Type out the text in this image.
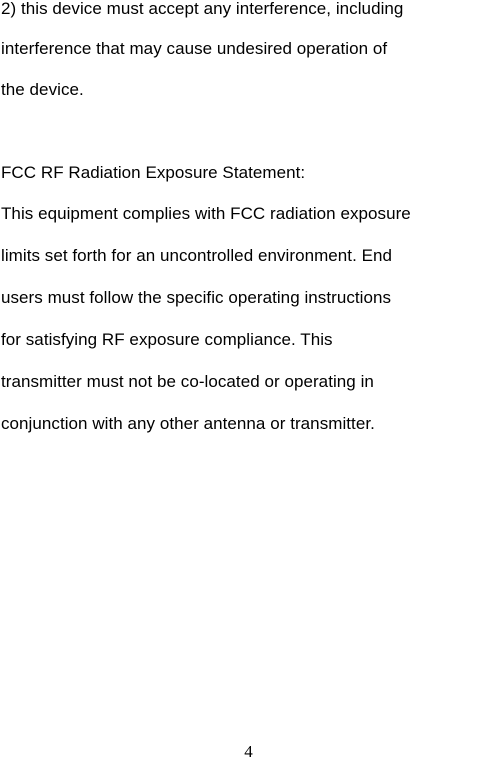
2) this device must accept any interference, including
interference that may cause undesired operation of
the device.
FCC RF Radiation Exposure Statement:
This equipment complies with FCC radiation exposure
limits set forth for an uncontrolled environment. End
users must follow the specific operating instructions
for satisfying RF exposure compliance. This
transmitter must not be co-located or operating in
conjunction with any other antenna or transmitter.
4
